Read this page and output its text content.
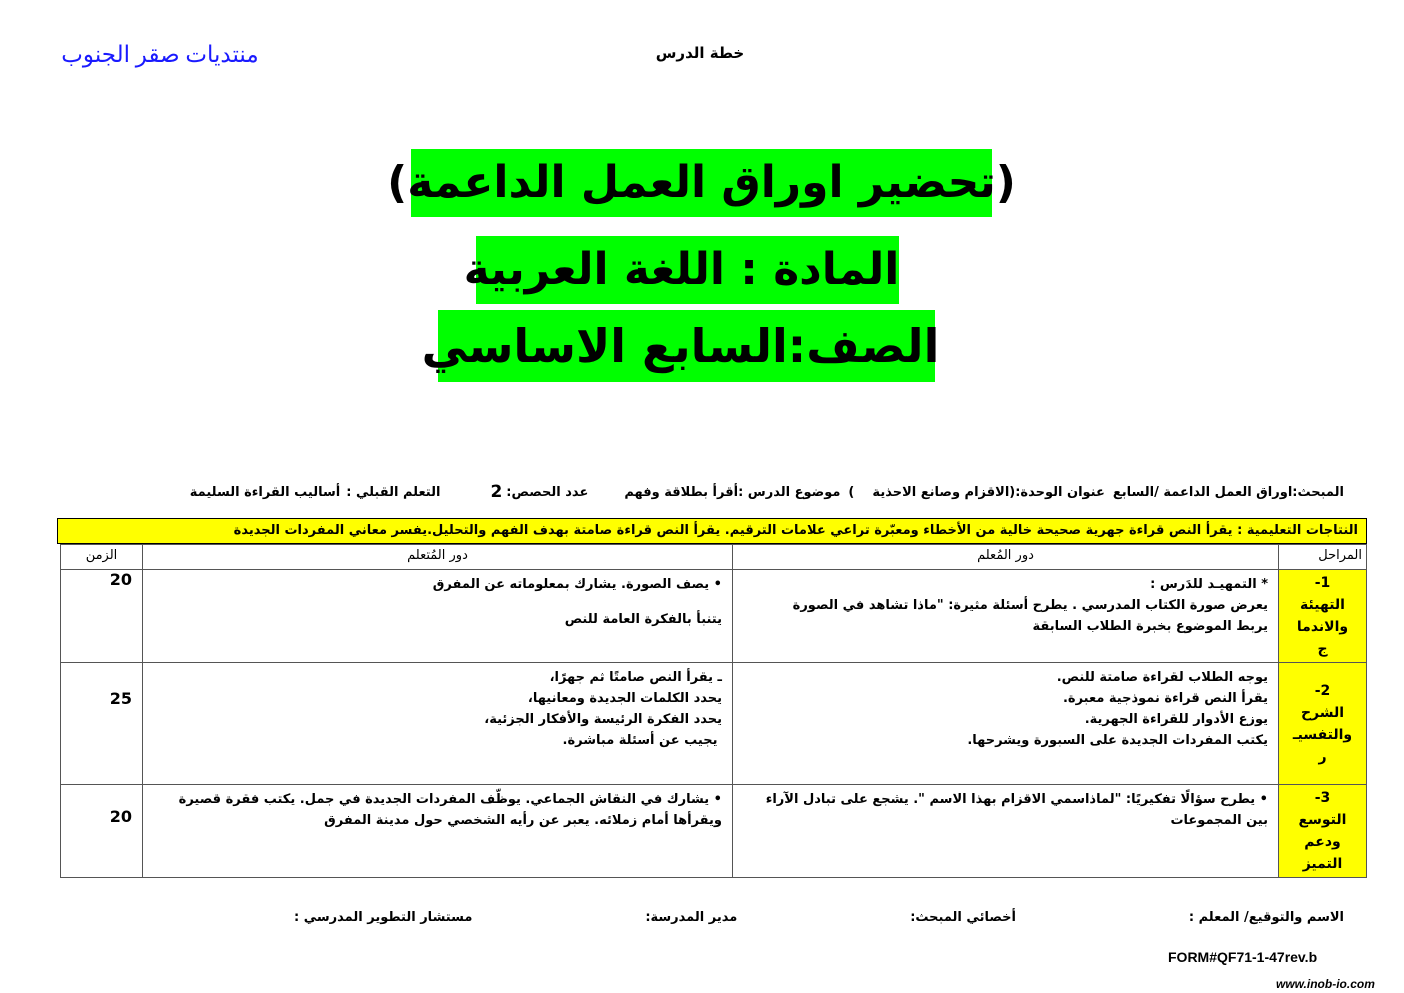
منتديات صقر الجنوب	خطة الدرس
(تحضير اوراق العمل الداعمة)
المادة : اللغة العربية
الصف:السابع الاساسي
المبحث:
اوراق العمل الداعمة /السابع
عنوان الوحدة:
(الاقزام وصانع الاحذية    )
موضوع الدرس :
أقرأ بطلاقة وفهم
عدد الحصص:
2
التعلم القبلي :
أساليب القراءة السليمة
النتاجات التعليمية : يقرأ النص قراءة جهرية صحيحة خالية من الأخطاء ومعبّرة تراعي علامات الترقيم. يقرأ النص قراءة صامتة بهدف الفهم والتحليل.يفسر معاني المفردات الجديدة
المراحل	دور المُعلم	دور المُتعلم	الزمن

1-
التهيئة
والاندما
ج	* التمهيـد للدَرس :
يعرض صورة الكتاب المدرسي . يطرح أسئلة مثيرة: "ماذا تشاهد في الصورة
يربط الموضوع بخبرة الطلاب السابقة	• يصف الصورة. يشارك بمعلوماته عن المفرق
يتنبأ بالفكرة العامة للنص	20

2-
الشرح
والتفسيـ
ر	يوجه الطلاب لقراءة صامتة للنص.
يقرأ النص قراءة نموذجية معبرة.
يوزع الأدوار للقراءة الجهرية.
يكتب المفردات الجديدة على السبورة ويشرحها.	ـ يقرأ النص صامتًا ثم جهرًا،
يحدد الكلمات الجديدة ومعانيها،
يحدد الفكرة الرئيسة والأفكار الجزئية،
يجيب عن أسئلة مباشرة.	25

3-
التوسع
ودعم
التميز	• يطرح سؤالًا تفكيريًا: "لماذاسمي الاقزام بهذا الاسم ". يشجع على تبادل الآراء
بين المجموعات	• يشارك في النقاش الجماعي. يوظّف المفردات الجديدة في جمل. يكتب فقرة قصيرة
ويقرأها أمام زملائه. يعبر عن رأيه الشخصي حول مدينة المفرق	20
الاسم والتوقيع/ المعلم :
أخصائي المبحث:
مدير المدرسة:
مستشار التطوير المدرسي :
FORM#QF71-1-47rev.b
www.inob-io.com
